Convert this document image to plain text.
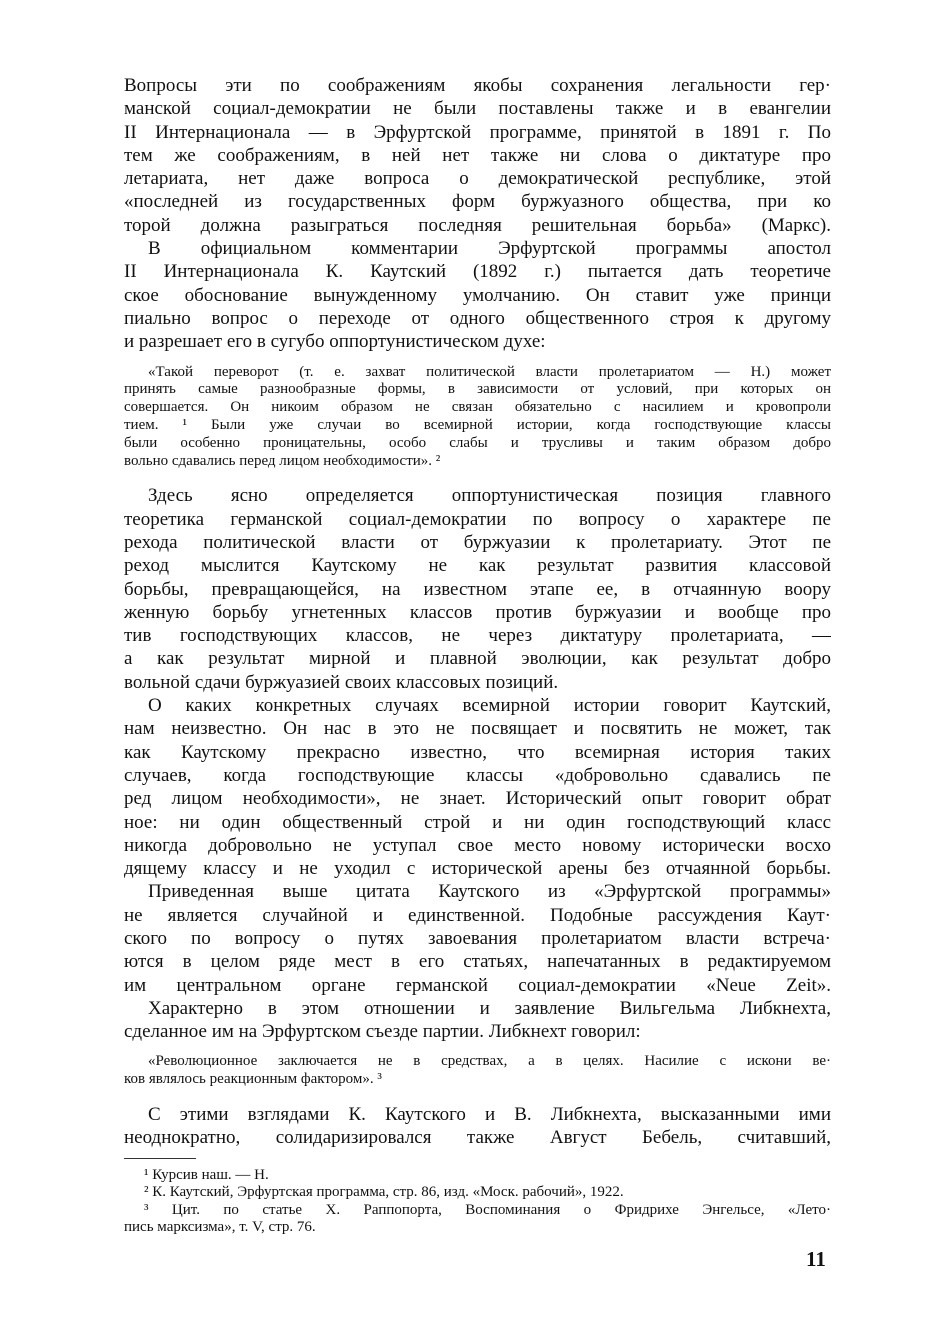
Вопросы эти по соображениям якобы сохранения легальности гер·
манской социал-демократии не были поставлены также и в евангелии
II Интернационала — в Эрфуртской программе, принятой в 1891 г. По
тем же соображениям, в ней нет также ни слова о диктатуре про
летариата, нет даже вопроса о демократической республике, этой
«последней из государственных форм буржуазного общества, при ко
торой должна разыграться последняя решительная борьба» (Маркс).
В официальном комментарии Эрфуртской программы апостол
II Интернационала К. Каутский (1892 г.) пытается дать теоретиче
ское обоснование вынужденному умолчанию. Он ставит уже принци
пиально вопрос о переходе от одного общественного строя к другому
и разрешает его в сугубо оппортунистическом духе:
«Такой переворот (т. е. захват политической власти пролетариатом — Н.) может
принять самые разнообразные формы, в зависимости от условий, при которых он
совершается. Он никоим образом не связан обязательно с насилием и кровопроли
тием. ¹ Были уже случаи во всемирной истории, когда господствующие классы
были особенно проницательны, особо слабы и трусливы и таким образом добро
вольно сдавались перед лицом необходимости». ²
Здесь ясно определяется оппортунистическая позиция главного
теоретика германской социал-демократии по вопросу о характере пе
рехода политической власти от буржуазии к пролетариату. Этот пе
реход мыслится Каутскому не как результат развития классовой
борьбы, превращающейся, на известном этапе ее, в отчаянную воору
женную борьбу угнетенных классов против буржуазии и вообще про
тив господствующих классов, не через диктатуру пролетариата, —
а как результат мирной и плавной эволюции, как результат добро
вольной сдачи буржуазией своих классовых позиций.
О каких конкретных случаях всемирной истории говорит Каутский,
нам неизвестно. Он нас в это не посвящает и посвятить не может, так
как Каутскому прекрасно известно, что всемирная история таких
случаев, когда господствующие классы «добровольно сдавались пе
ред лицом необходимости», не знает. Исторический опыт говорит обрат
ное: ни один общественный строй и ни один господствующий класс
никогда добровольно не уступал свое место новому исторически восхо
дящему классу и не уходил с исторической арены без отчаянной борьбы.
Приведенная выше цитата Каутского из «Эрфуртской программы»
не является случайной и единственной. Подобные рассуждения Каут·
ского по вопросу о путях завоевания пролетариатом власти встреча·
ются в целом ряде мест в его статьях, напечатанных в редактируемом
им центральном органе германской социал-демократии «Neue Zeit».
Характерно в этом отношении и заявление Вильгельма Либкнехта,
сделанное им на Эрфуртском съезде партии. Либкнехт говорил:
«Революционное заключается не в средствах, а в целях. Насилие с искони ве·
ков являлось реакционным фактором». ³
С этими взглядами К. Каутского и В. Либкнехта, высказанными ими
неоднократно, солидаризировался также Август Бебель, считавший,
¹ Курсив наш. — Н.
² К. Каутский, Эрфуртская программа, стр. 86, изд. «Моск. рабочий», 1922.
³ Цит. по статье Х. Раппопорта, Воспоминания о Фридрихе Энгельсе, «Лето·
пись марксизма», т. V, стр. 76.
11
